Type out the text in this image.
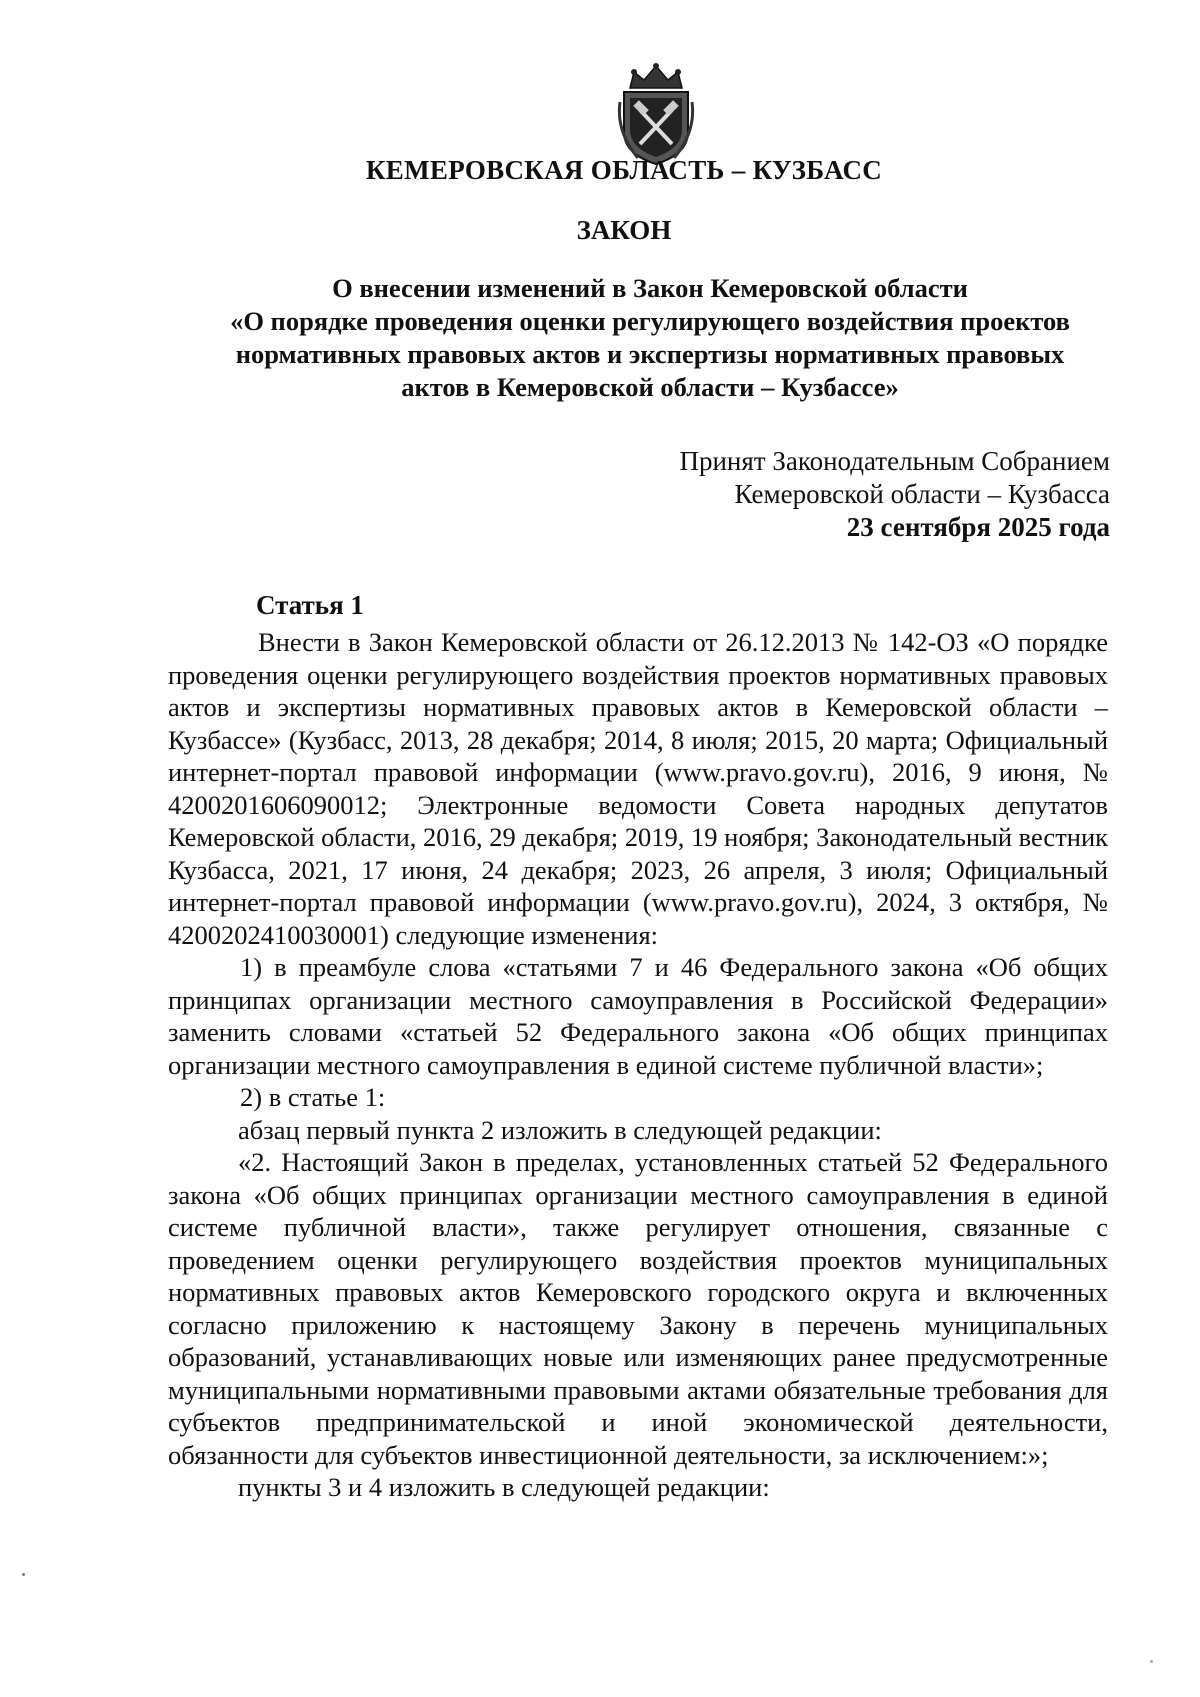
КЕМЕРОВСКАЯ ОБЛАСТЬ – КУЗБАСС
ЗАКОН
О внесении изменений в Закон Кемеровской области
«О порядке проведения оценки регулирующего воздействия проектов
нормативных правовых актов и экспертизы нормативных правовых
актов в Кемеровской области – Кузбассе»
Принят Законодательным Собранием
Кемеровской области – Кузбасса
23 сентября 2025 года
Статья 1

Внести в Закон Кемеровской области от 26.12.2013 № 142-ОЗ «О порядке проведения оценки регулирующего воздействия проектов нормативных правовых актов и экспертизы нормативных правовых актов в Кемеровской области – Кузбассе» (Кузбасс, 2013, 28 декабря; 2014, 8 июля; 2015, 20 марта; Официальный интернет-портал правовой информации (www.pravo.gov.ru), 2016, 9 июня, № 4200201606090012; Электронные ведомости Совета народных депутатов Кемеровской области, 2016, 29 декабря; 2019, 19 ноября; Законодательный вестник Кузбасса, 2021, 17 июня, 24 декабря; 2023, 26 апреля, 3 июля; Официальный интернет-портал правовой информации (www.pravo.gov.ru), 2024, 3 октября, № 4200202410030001) следующие изменения:

1) в преамбуле слова «статьями 7 и 46 Федерального закона «Об общих принципах организации местного самоуправления в Российской Федерации» заменить словами «статьей 52 Федерального закона «Об общих принципах организации местного самоуправления в единой системе публичной власти»;

2) в статье 1:

абзац первый пункта 2 изложить в следующей редакции:

«2. Настоящий Закон в пределах, установленных статьей 52 Федерального закона «Об общих принципах организации местного самоуправления в единой системе публичной власти», также регулирует отношения, связанные с проведением оценки регулирующего воздействия проектов муниципальных нормативных правовых актов Кемеровского городского округа и включенных согласно приложению к настоящему Закону в перечень муниципальных образований, устанавливающих новые или изменяющих ранее предусмотренные муниципальными нормативными правовыми актами обязательные требования для субъектов предпринимательской и иной экономической деятельности, обязанности для субъектов инвестиционной деятельности, за исключением:»;

пункты 3 и 4 изложить в следующей редакции:
